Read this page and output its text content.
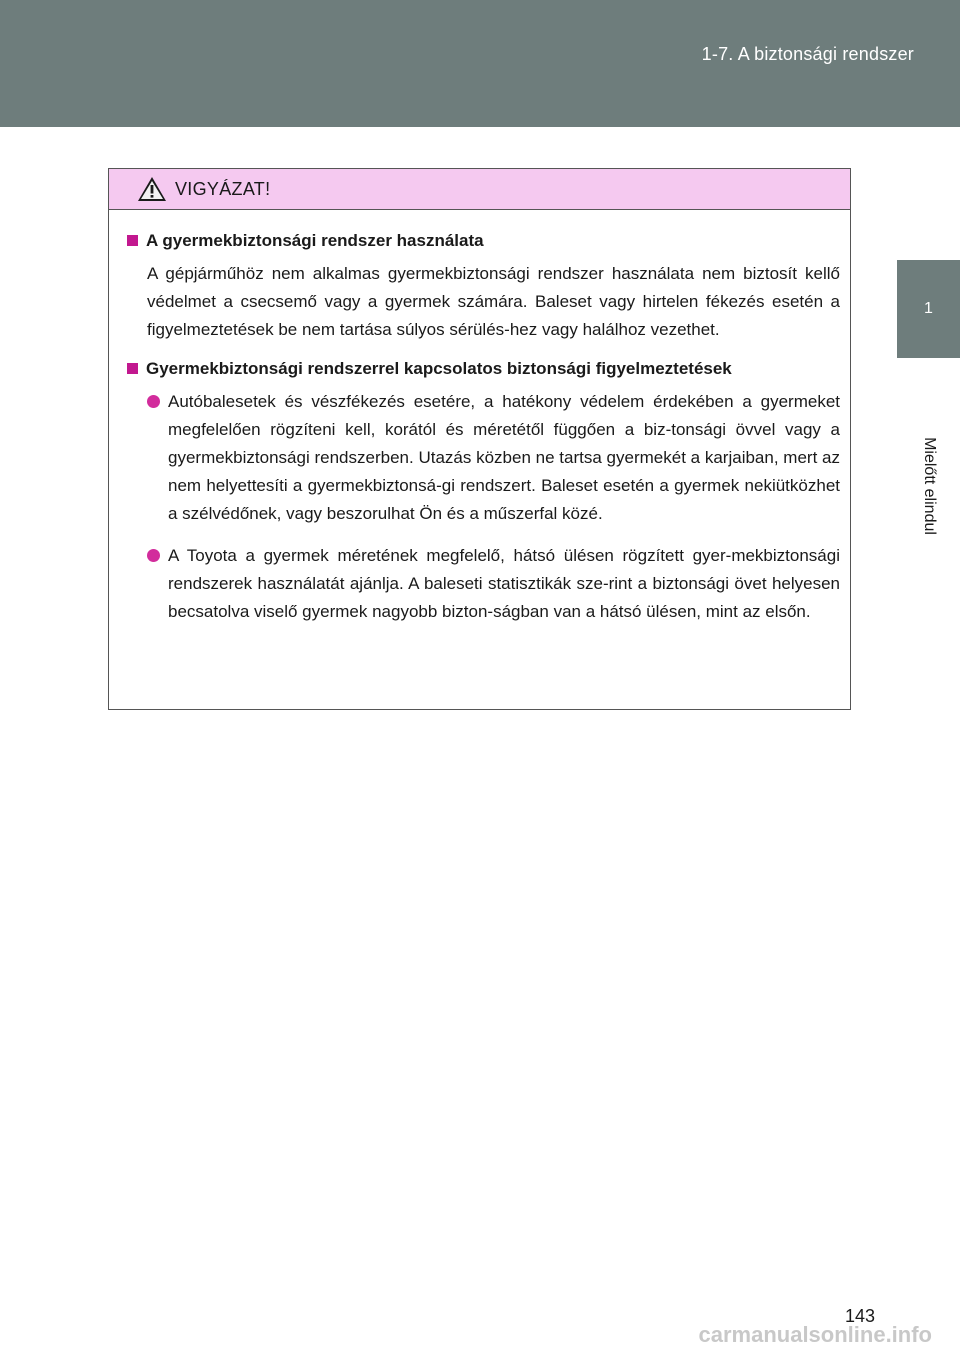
1-7. A biztonsági rendszer
1
Mielőtt elindul
VIGYÁZAT!
A gyermekbiztonsági rendszer használata
A gépjárműhöz nem alkalmas gyermekbiztonsági rendszer használata nem biztosít kellő védelmet a csecsemő vagy a gyermek számára. Baleset vagy hirtelen fékezés esetén a figyelmeztetések be nem tartása súlyos sérülés-hez vagy halálhoz vezethet.
Gyermekbiztonsági rendszerrel kapcsolatos biztonsági figyelmeztetések
Autóbalesetek és vészfékezés esetére, a hatékony védelem érdekében a gyermeket megfelelően rögzíteni kell, korától és méretétől függően a biz-tonsági övvel vagy a gyermekbiztonsági rendszerben. Utazás közben ne tartsa gyermekét a karjaiban, mert az nem helyettesíti a gyermekbiztonsá-gi rendszert. Baleset esetén a gyermek nekiütközhet a szélvédőnek, vagy beszorulhat Ön és a műszerfal közé.
A Toyota a gyermek méretének megfelelő, hátsó ülésen rögzített gyer-mekbiztonsági rendszerek használatát ajánlja. A baleseti statisztikák sze-rint a biztonsági övet helyesen becsatolva viselő gyermek nagyobb bizton-ságban van a hátsó ülésen, mint az elsőn.
143
carmanualsonline.info
